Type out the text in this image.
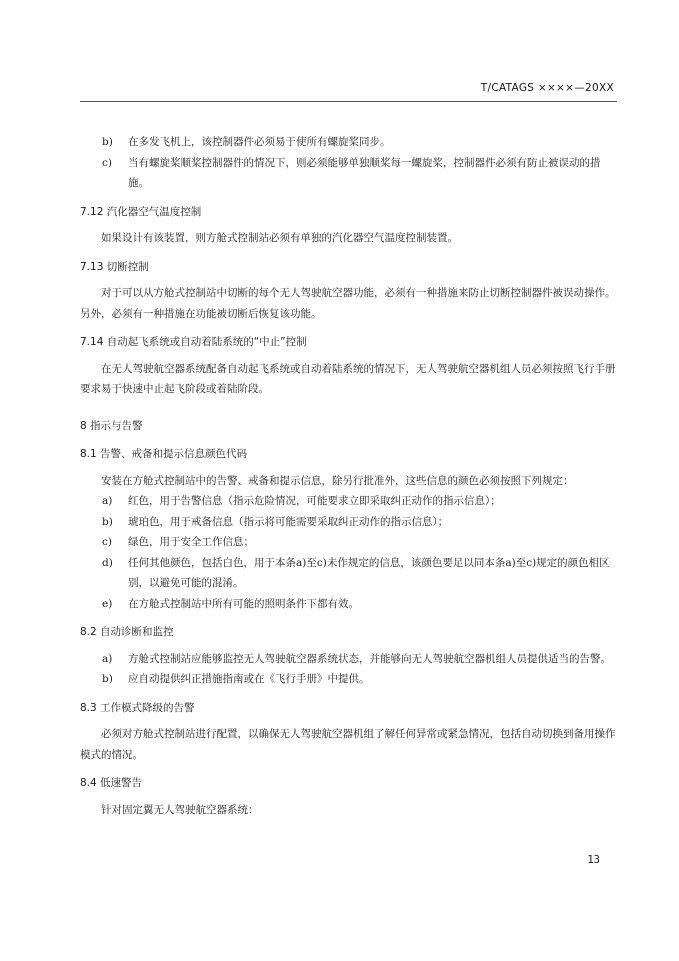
T/CATAGS ××××—20XX
b)	在多发飞机上，该控制器件必须易于使所有螺旋桨同步。
c)	当有螺旋桨顺桨控制器件的情况下，则必须能够单独顺桨每一螺旋桨，控制器件必须有防止被误动的措施。
7.12 汽化器空气温度控制
如果设计有该装置，则方舱式控制站必须有单独的汽化器空气温度控制装置。
7.13 切断控制
对于可以从方舱式控制站中切断的每个无人驾驶航空器功能，必须有一种措施来防止切断控制器件被误动操作。另外，必须有一种措施在功能被切断后恢复该功能。
7.14 自动起飞系统或自动着陆系统的“中止”控制
在无人驾驶航空器系统配备自动起飞系统或自动着陆系统的情况下，无人驾驶航空器机组人员必须按照飞行手册要求易于快速中止起飞阶段或着陆阶段。
8 指示与告警
8.1 告警、戒备和提示信息颜色代码
安装在方舱式控制站中的告警、戒备和提示信息，除另行批准外，这些信息的颜色必须按照下列规定：
a)	红色，用于告警信息（指示危险情况，可能要求立即采取纠正动作的指示信息）；
b)	琥珀色，用于戒备信息（指示将可能需要采取纠正动作的指示信息）；
c)	绿色，用于安全工作信息；
d)	任何其他颜色，包括白色，用于本条a)至c)未作规定的信息，该颜色要足以同本条a)至c)规定的颜色相区别，以避免可能的混淆。
e)	在方舱式控制站中所有可能的照明条件下都有效。
8.2 自动诊断和监控
a)	方舱式控制站应能够监控无人驾驶航空器系统状态，并能够向无人驾驶航空器机组人员提供适当的告警。
b)	应自动提供纠正措施指南或在《飞行手册》中提供。
8.3 工作模式降级的告警
必须对方舱式控制站进行配置，以确保无人驾驶航空器机组了解任何异常或紧急情况，包括自动切换到备用操作模式的情况。
8.4 低速警告
针对固定翼无人驾驶航空器系统：
13
